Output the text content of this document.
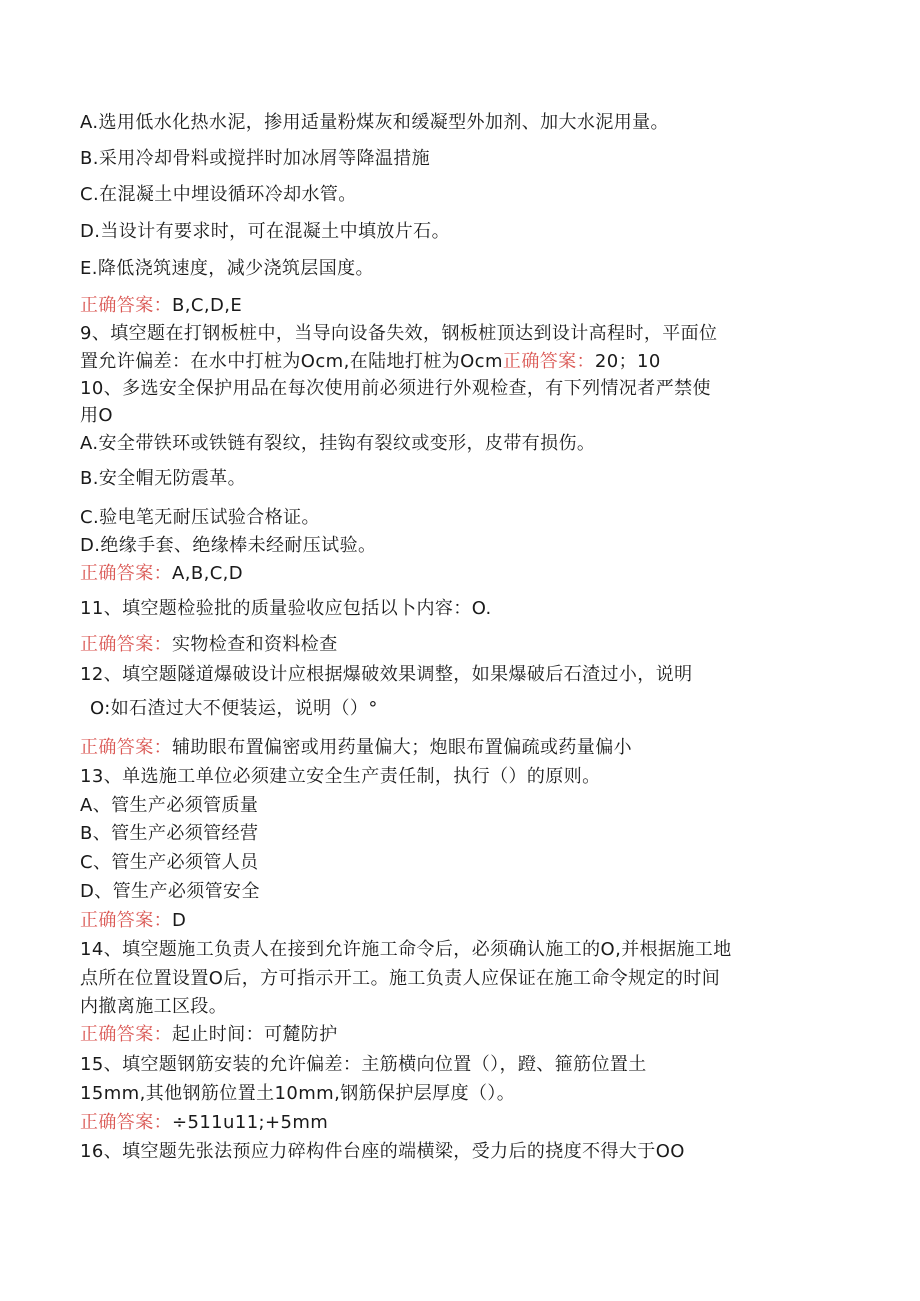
A.选用低水化热水泥，掺用适量粉煤灰和缓凝型外加剂、加大水泥用量。
B.采用冷却骨料或搅拌时加冰屑等降温措施
C.在混凝土中埋设循环冷却水管。
D.当设计有要求时，可在混凝土中填放片石。
E.降低浇筑速度，减少浇筑层国度。
正确答案：B,C,D,E
9、填空题在打钢板桩中，当导向设备失效，钢板桩顶达到设计高程时，平面位
置允许偏差：在水中打桩为Ocm,在陆地打桩为Ocm正确答案：20；10
10、多选安全保护用品在每次使用前必须进行外观检查，有下列情况者严禁使
用O
A.安全带铁环或铁链有裂纹，挂钩有裂纹或变形，皮带有损伤。
B.安全帽无防震革。
C.验电笔无耐压试验合格证。
D.绝缘手套、绝缘棒未经耐压试验。
正确答案：A,B,C,D
11、填空题检验批的质量验收应包括以卜内容：O.
正确答案：实物检查和资料检查
12、填空题隧道爆破设计应根据爆破效果调整，如果爆破后石渣过小，说明
O:如石渣过大不便装运，说明（）°
正确答案：辅助眼布置偏密或用药量偏大；炮眼布置偏疏或药量偏小
13、单选施工单位必须建立安全生产责任制，执行（）的原则。
A、管生产必须管质量
B、管生产必须管经营
C、管生产必须管人员
D、管生产必须管安全
正确答案：D
14、填空题施工负责人在接到允许施工命令后，必须确认施工的O,并根据施工地
点所在位置设置O后，方可指示开工。施工负责人应保证在施工命令规定的时间
内撤离施工区段。
正确答案：起止时间：可麓防护
15、填空题钢筋安装的允许偏差：主筋横向位置（），蹬、箍筋位置土
15mm,其他钢筋位置土10mm,钢筋保护层厚度（）。
正确答案：÷511u11;+5mm
16、填空题先张法预应力碎构件台座的端横梁，受力后的挠度不得大于OO
